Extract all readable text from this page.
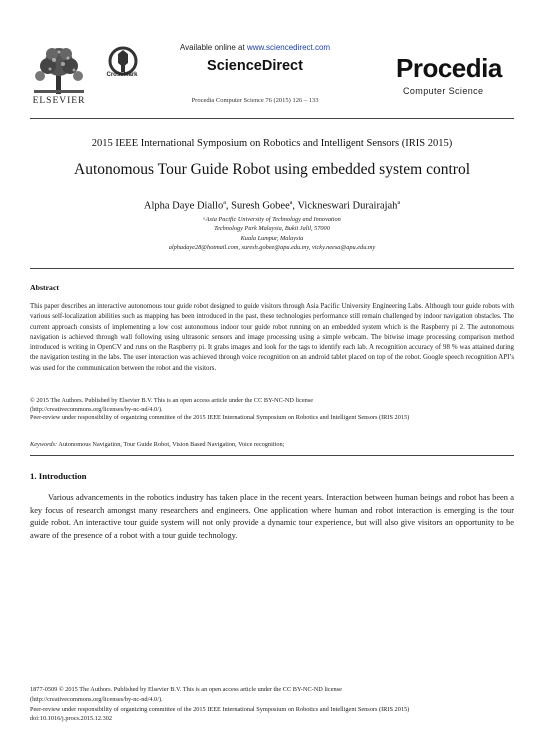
ELSEVIER
CrossMark
Available online at www.sciencedirect.com
ScienceDirect
Procedia Computer Science 76 (2015) 126 – 133
Procedia
Computer Science
2015 IEEE International Symposium on Robotics and Intelligent Sensors (IRIS 2015)
Autonomous Tour Guide Robot using embedded system control
Alpha Daye Diallo$^a$, Suresh Gobee$^a$, Vickneswari Durairajah$^a$
ᵃAsia Pacific University of Technology and Innovation
Technology Park Malaysia, Bukit Jalil, 57000
Kuala Lumpur, Malaysia
alphadaye28@hotmail.com, suresh.gobee@apu.edu.my, vicky.neesa@apu.edu.my
Abstract
This paper describes an interactive autonomous tour guide robot designed to guide visitors through Asia Pacific University Engineering Labs. Although tour guide robots with various self-localization abilities such as mapping has been introduced in the past, these technologies performance still remain challenged by indoor navigation obstacles. The current approach consists of implementing a low cost autonomous indoor tour guide robot running on an embedded system which is the Raspberry pi 2. The autonomous navigation is achieved through wall following using ultrasonic sensors and image processing using a simple webcam. The bitwise image processing comparison method introduced is writing in OpenCV and runs on the Raspberry pi. It grabs images and look for the tags to identify each lab. A recognition accuracy of 98 % was attained during the navigation testing in the labs. The user interaction was achieved through voice recognition on an android tablet placed on top of the robot. Google speech recognition API’s was used for the communication between the robot and the visitors.
© 2015 The Authors. Published by Elsevier B.V. This is an open access article under the CC BY-NC-ND license
(http://creativecommons.org/licenses/by-nc-nd/4.0/).
Peer-review under responsibility of organizing committee of the 2015 IEEE International Symposium on Robotics and Intelligent Sensors (IRIS 2015)
Keywords: Autonomous Navigation, Tour Guide Robot, Vision Based Navigation, Voice recognition;
1. Introduction
Various advancements in the robotics industry has taken place in the recent years. Interaction between human beings and robot has been a key focus of research amongst many researchers and engineers. One application where human and robot interaction is emerging is the tour guide robot. An interactive tour guide system will not only provide a dynamic tour experience, but will also give visitors an opportunity to be aware of the presence of a robot with a tour guide technology.
1877-0509 © 2015 The Authors. Published by Elsevier B.V. This is an open access article under the CC BY-NC-ND license
(http://creativecommons.org/licenses/by-nc-nd/4.0/).
Peer-review under responsibility of organizing committee of the 2015 IEEE International Symposium on Robotics and Intelligent Sensors (IRIS 2015)
doi:10.1016/j.procs.2015.12.302
